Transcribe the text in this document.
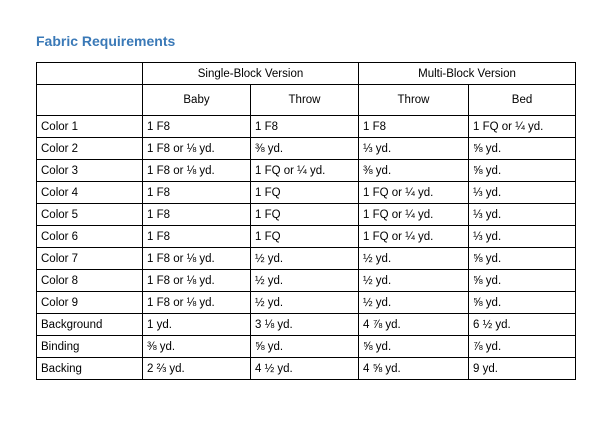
Fabric Requirements
	Single-Block Version		Multi-Block Version	
	Baby	Throw	Throw	Bed
Color 1	1 F8	1 F8	1 F8	1 FQ or ¼ yd.
Color 2	1 F8 or ⅛ yd.	⅜ yd.	⅓ yd.	⅝ yd.
Color 3	1 F8 or ⅛ yd.	1 FQ or ¼ yd.	⅜ yd.	⅝ yd.
Color 4	1 F8	1 FQ	1 FQ or ¼ yd.	⅓ yd.
Color 5	1 F8	1 FQ	1 FQ or ¼ yd.	⅓ yd.
Color 6	1 F8	1 FQ	1 FQ or ¼ yd.	⅓ yd.
Color 7	1 F8 or ⅛ yd.	½ yd.	½ yd.	⅝ yd.
Color 8	1 F8 or ⅛ yd.	½ yd.	½ yd.	⅝ yd.
Color 9	1 F8 or ⅛ yd.	½ yd.	½ yd.	⅝ yd.
Background	1 yd.	3 ⅛ yd.	4 ⅞ yd.	6 ½ yd.
Binding	⅜ yd.	⅝ yd.	⅝ yd.	⅞ yd.
Backing	2 ⅔ yd.	4 ½ yd.	4 ⅝ yd.	9 yd.
